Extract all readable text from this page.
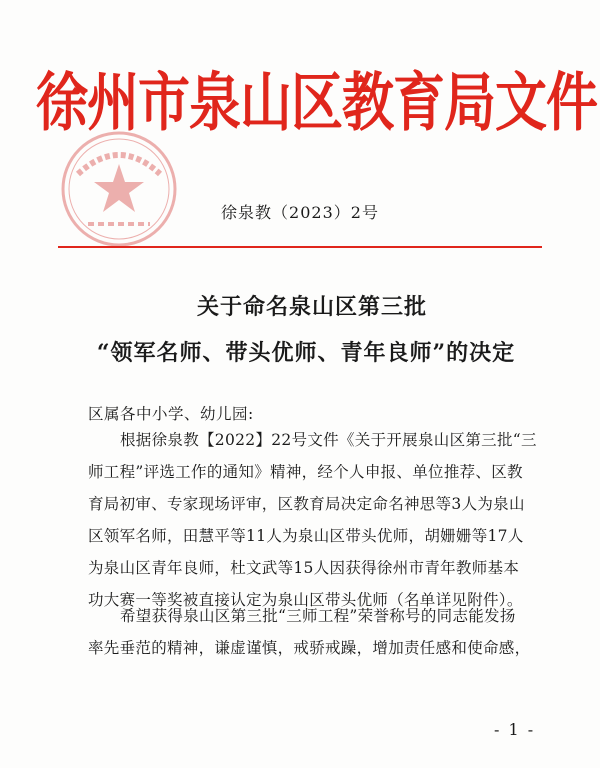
徐州市泉山区教育局文件
徐泉教（2023）2号
关于命名泉山区第三批
“领军名师、带头优师、青年良师”的决定
区属各中小学、幼儿园:
根据徐泉教【2022】22号文件《关于开展泉山区第三批“三
师工程”评选工作的通知》精神，经个人申报、单位推荐、区教
育局初审、专家现场评审，区教育局决定命名神思等3人为泉山
区领军名师，田慧平等11人为泉山区带头优师，胡姗姗等17人
为泉山区青年良师，杜文武等15人因获得徐州市青年教师基本
功大赛一等奖被直接认定为泉山区带头优师（名单详见附件）。
希望获得泉山区第三批“三师工程”荣誉称号的同志能发扬
率先垂范的精神，谦虚谨慎，戒骄戒躁，增加责任感和使命感，
- 1 -
